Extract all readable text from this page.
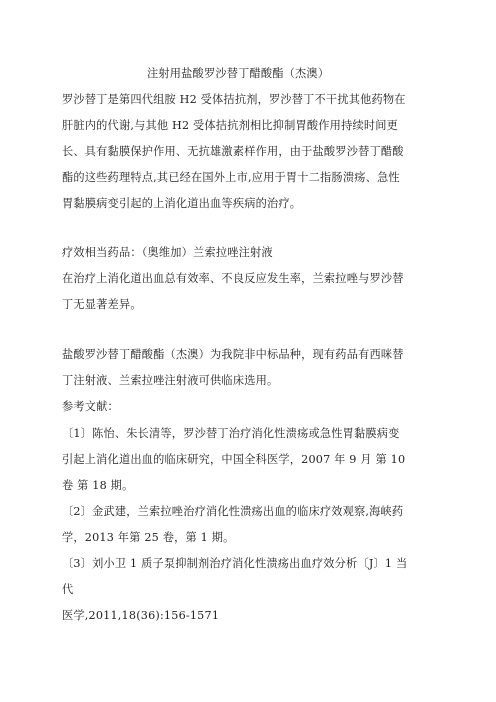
注射用盐酸罗沙替丁醋酸酯（杰澳）
罗沙替丁是第四代组胺 H2 受体拮抗剂，罗沙替丁不干扰其他药物在
肝脏内的代谢,与其他 H2 受体拮抗剂相比抑制胃酸作用持续时间更
长、具有黏膜保护作用、无抗雄激素样作用，由于盐酸罗沙替丁醋酸
酯的这些药理特点,其已经在国外上市,应用于胃十二指肠溃疡、急性
胃黏膜病变引起的上消化道出血等疾病的治疗。
疗效相当药品：（奥维加）兰索拉唑注射液
在治疗上消化道出血总有效率、不良反应发生率，兰索拉唑与罗沙替
丁无显著差异。
盐酸罗沙替丁醋酸酯（杰澳）为我院非中标品种，现有药品有西咪替
丁注射液、兰索拉唑注射液可供临床选用。
参考文献：
〔1〕陈怡、朱长清等，罗沙替丁治疗消化性溃疡或急性胃黏膜病变
引起上消化道出血的临床研究，中国全科医学，2007 年 9 月 第 10
卷 第 18 期。
〔2〕金武建，兰索拉唑治疗消化性溃疡出血的临床疗效观察,海峡药
学，2013 年第 25 卷，第 1 期。
〔3〕刘小卫 1 质子泵抑制剂治疗消化性溃疡出血疗效分析〔J〕1 当
代
医学,2011,18(36):156-1571
